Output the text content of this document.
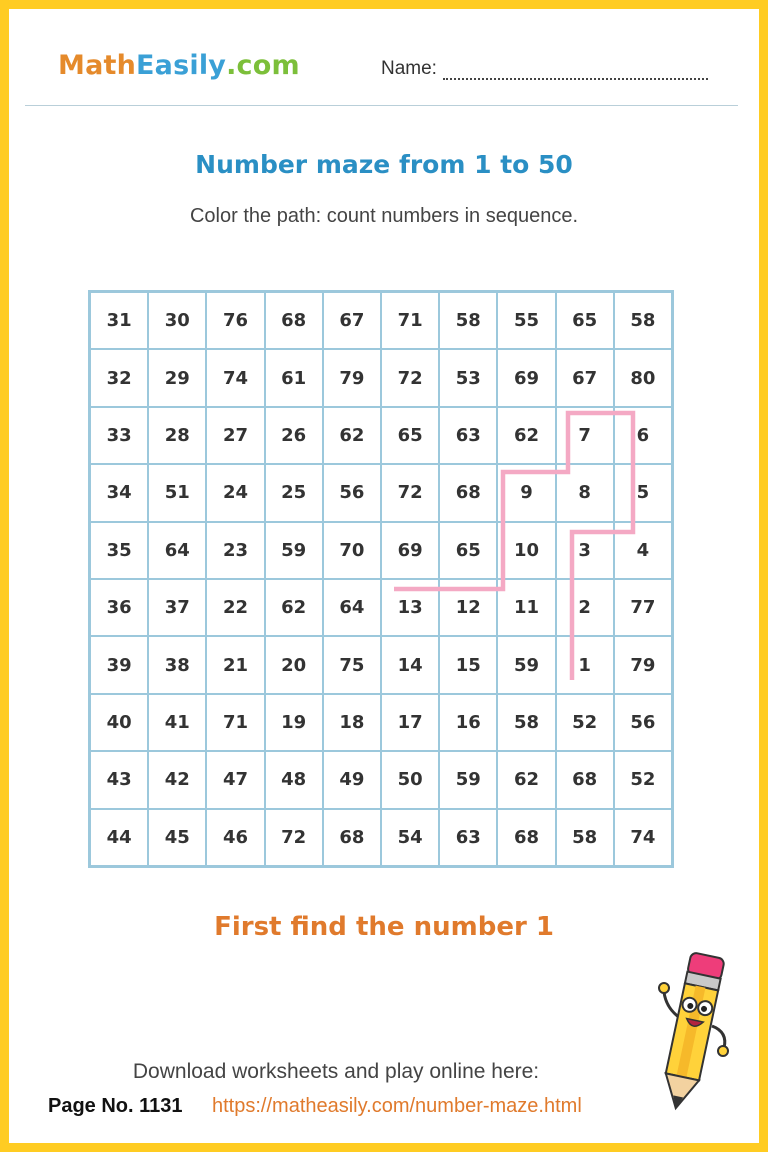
Math Easily .com	Name:
Number maze from 1 to 50
Color the path: count numbers in sequence.
31	30	76	68	67	71	58	55	65	58
32	29	74	61	79	72	53	69	67	80
33	28	27	26	62	65	63	62	7	6
34	51	24	25	56	72	68	9	8	5
35	64	23	59	70	69	65	10	3	4
36	37	22	62	64	13	12	11	2	77
39	38	21	20	75	14	15	59	1	79
40	41	71	19	18	17	16	58	52	56
43	42	47	48	49	50	59	62	68	52
44	45	46	72	68	54	63	68	58	74
First find the number 1
Download worksheets and play online here:
Page No. 1131 https://matheasily.com/number-maze.html
